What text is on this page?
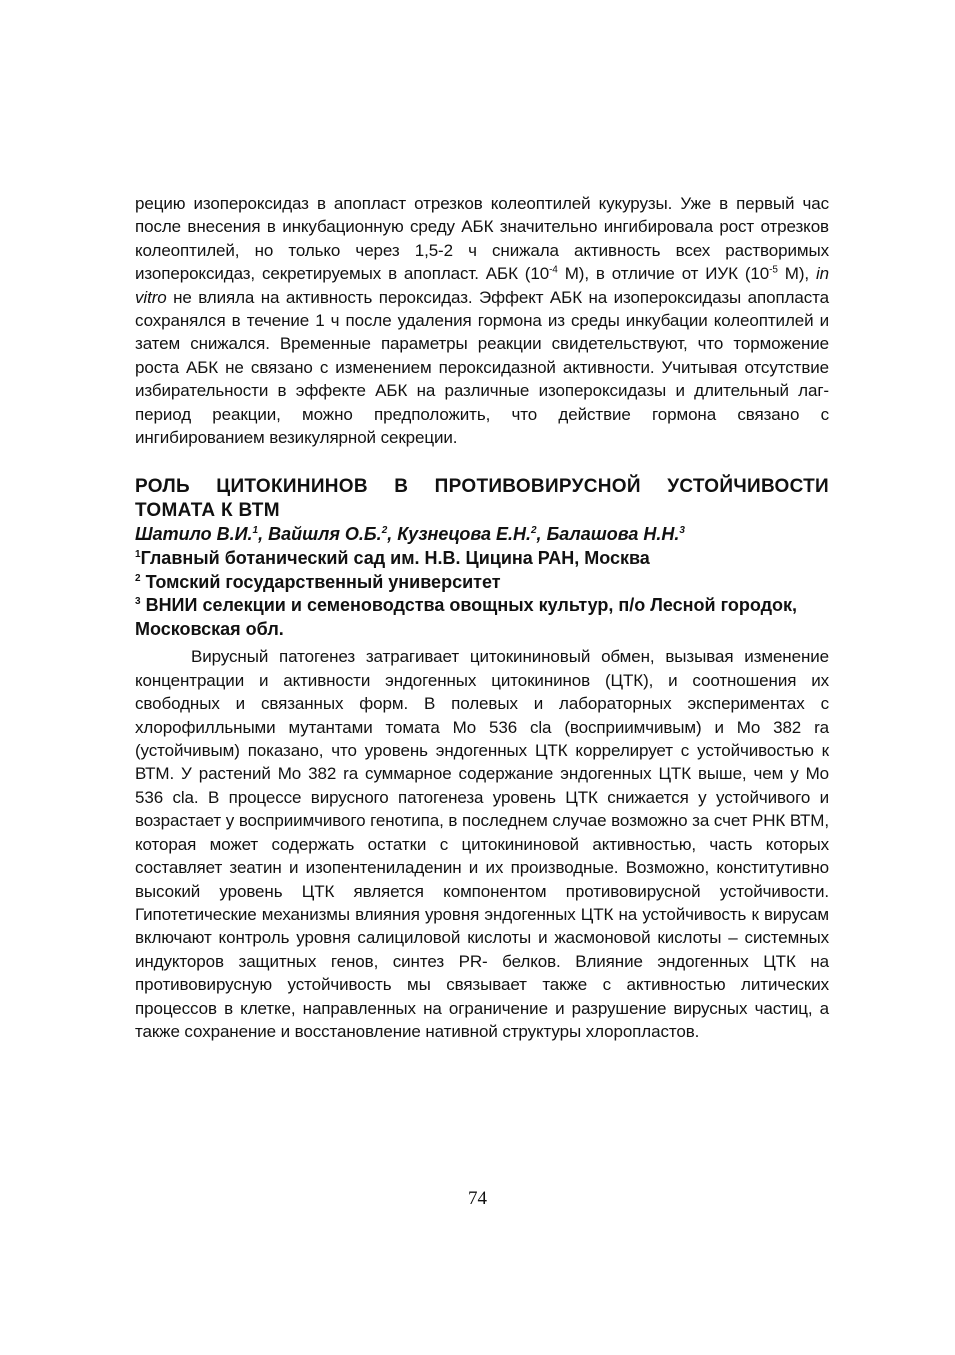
рецию изопероксидаз в апопласт отрезков колеоптилей кукурузы. Уже в первый час после внесения в инкубационную среду АБК значительно ингибировала рост отрезков колеоптилей, но только через 1,5-2 ч снижала активность всех растворимых изопероксидаз, секретируемых в апопласт. АБК ($10^{-4}$ М), в отличие от ИУК ($10^{-5}$ М), in vitro не влияла на активность пероксидаз. Эффект АБК на изопероксидазы апопласта сохранялся в течение 1 ч после удаления гормона из среды инкубации колеоптилей и затем снижался. Временные параметры реакции свидетельствуют, что торможение роста АБК не связано с изменением пероксидазной активности. Учитывая отсутствие избирательности в эффекте АБК на различные изопероксидазы и длительный лаг-период реакции, можно предположить, что действие гормона связано с ингибированием везикулярной секреции.

РОЛЬ ЦИТОКИНИНОВ В ПРОТИВОВИРУСНОЙ УСТОЙЧИВОСТИ ТОМАТА К ВТМ

Шатило В.И.$^1$, Вайшля О.Б.$^2$, Кузнецова Е.Н.$^2$, Балашова Н.Н.$^3$

$^1$Главный ботанический сад им. Н.В. Цицина РАН, Москва

$^2$ Томский государственный университет

$^3$ ВНИИ селекции и семеноводства овощных культур, п/о Лесной городок, Московская обл.

Вирусный патогенез затрагивает цитокининовый обмен, вызывая изменение концентрации и активности эндогенных цитокининов (ЦТК), и соотношения их свободных и связанных форм. В полевых и лабораторных экспериментах с хлорофилльными мутантами томата Mo 536 cla (восприимчивым) и Mo 382 ra (устойчивым) показано, что уровень эндогенных ЦТК коррелирует с устойчивостью к ВТМ. У растений Mo 382 ra суммарное содержание эндогенных ЦТК выше, чем у Mo 536 cla. В процессе вирусного патогенеза уровень ЦТК снижается у устойчивого и возрастает у восприимчивого генотипа, в последнем случае возможно за счет РНК ВТМ, которая может содержать остатки с цитокининовой активностью, часть которых составляет зеатин и изопентениладенин и их производные. Возможно, конститутивно высокий уровень ЦТК является компонентом противовирусной устойчивости. Гипотетические механизмы влияния уровня эндогенных ЦТК на устойчивость к вирусам включают контроль уровня салициловой кислоты и жасмоновой кислоты – системных индукторов защитных генов, синтез PR- белков. Влияние эндогенных ЦТК на противовирусную устойчивость мы связывает также с активностью литических процессов в клетке, направленных на ограничение и разрушение вирусных частиц, а также сохранение и восстановление нативной структуры хлоропластов.

74
